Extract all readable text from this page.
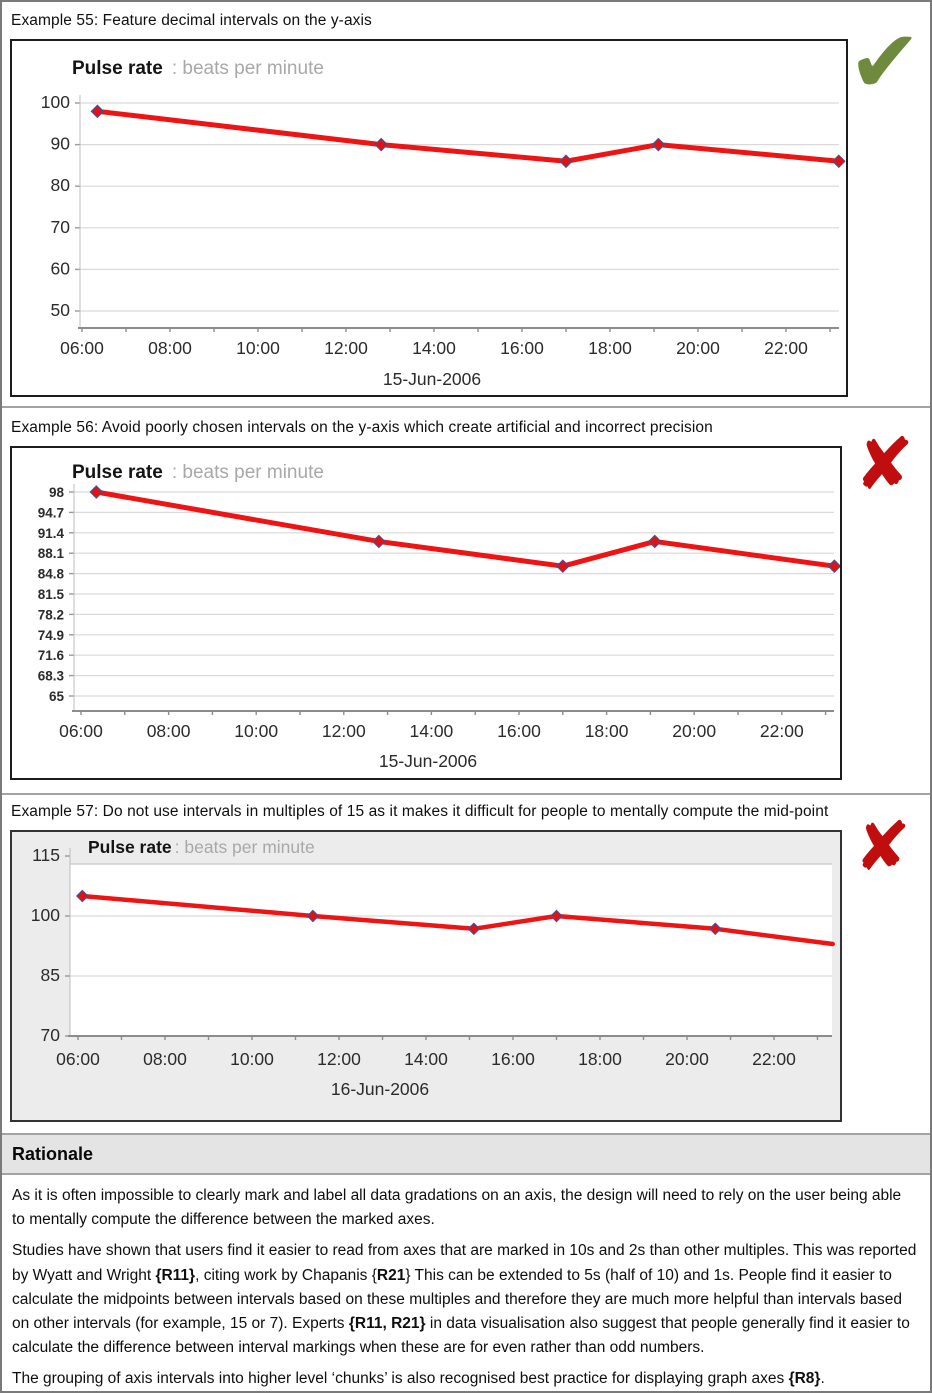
Example 55: Feature decimal intervals on the y-axis
100
90
80
70
60
50
06:00	08:00	10:00	12:00	14:00	16:00	18:00	20:00	22:00
15-Jun-2006
Pulse rate : beats per minute	✔
Example 56: Avoid poorly chosen intervals on the y-axis which create artificial and incorrect precision
98
94.7
91.4
88.1
84.8
81.5
78.2
74.9
71.6
68.3
65
06:00	08:00	10:00	12:00	14:00	16:00	18:00	20:00	22:00
15-Jun-2006
Pulse rate : beats per minute	✘
Example 57: Do not use intervals in multiples of 15 as it makes it difficult for people to mentally compute the mid-point
115
100
85
70
06:00 08:00 10:00 12:00 14:00 16:00 18:00 20:00 22:00
16-Jun-2006
Pulse rate : beats per minute	✘
Rationale

As it is often impossible to clearly mark and label all data gradations on an axis, the design will need to rely on the user being able to mentally compute the difference between the marked axes.

Studies have shown that users find it easier to read from axes that are marked in 10s and 2s than other multiples. This was reported by Wyatt and Wright {R11}, citing work by Chapanis {R21} This can be extended to 5s (half of 10) and 1s. People find it easier to calculate the midpoints between intervals based on these multiples and therefore they are much more helpful than intervals based on other intervals (for example, 15 or 7). Experts {R11, R21} in data visualisation also suggest that people generally find it easier to calculate the difference between interval markings when these are for even rather than odd numbers.

The grouping of axis intervals into higher level ‘chunks’ is also recognised best practice for displaying graph axes {R8}.
